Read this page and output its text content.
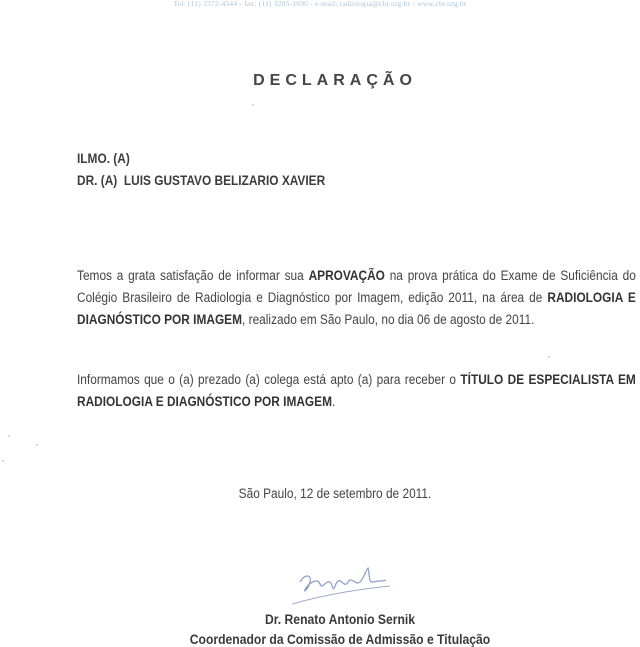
Tel: (11) 3372-4544 - fax: (11) 3285-1690 - e-mail: radiologia@cbr.org.br - www.cbr.org.br
DECLARAÇÃO
ILMO. (A)
DR. (A)  LUIS GUSTAVO BELIZARIO XAVIER
Temos a grata satisfação de informar sua APROVAÇÃO na prova prática do Exame de Suficiência do Colégio Brasileiro de Radiologia e Diagnóstico por Imagem, edição 2011, na área de RADIOLOGIA E DIAGNÓSTICO POR IMAGEM, realizado em São Paulo, no dia 06 de agosto de 2011.
Informamos que o (a) prezado (a) colega está apto (a) para receber o TÍTULO DE ESPECIALISTA EM RADIOLOGIA E DIAGNÓSTICO POR IMAGEM.
São Paulo, 12 de setembro de 2011.
Dr. Renato Antonio Sernik
Coordenador da Comissão de Admissão e Titulação
